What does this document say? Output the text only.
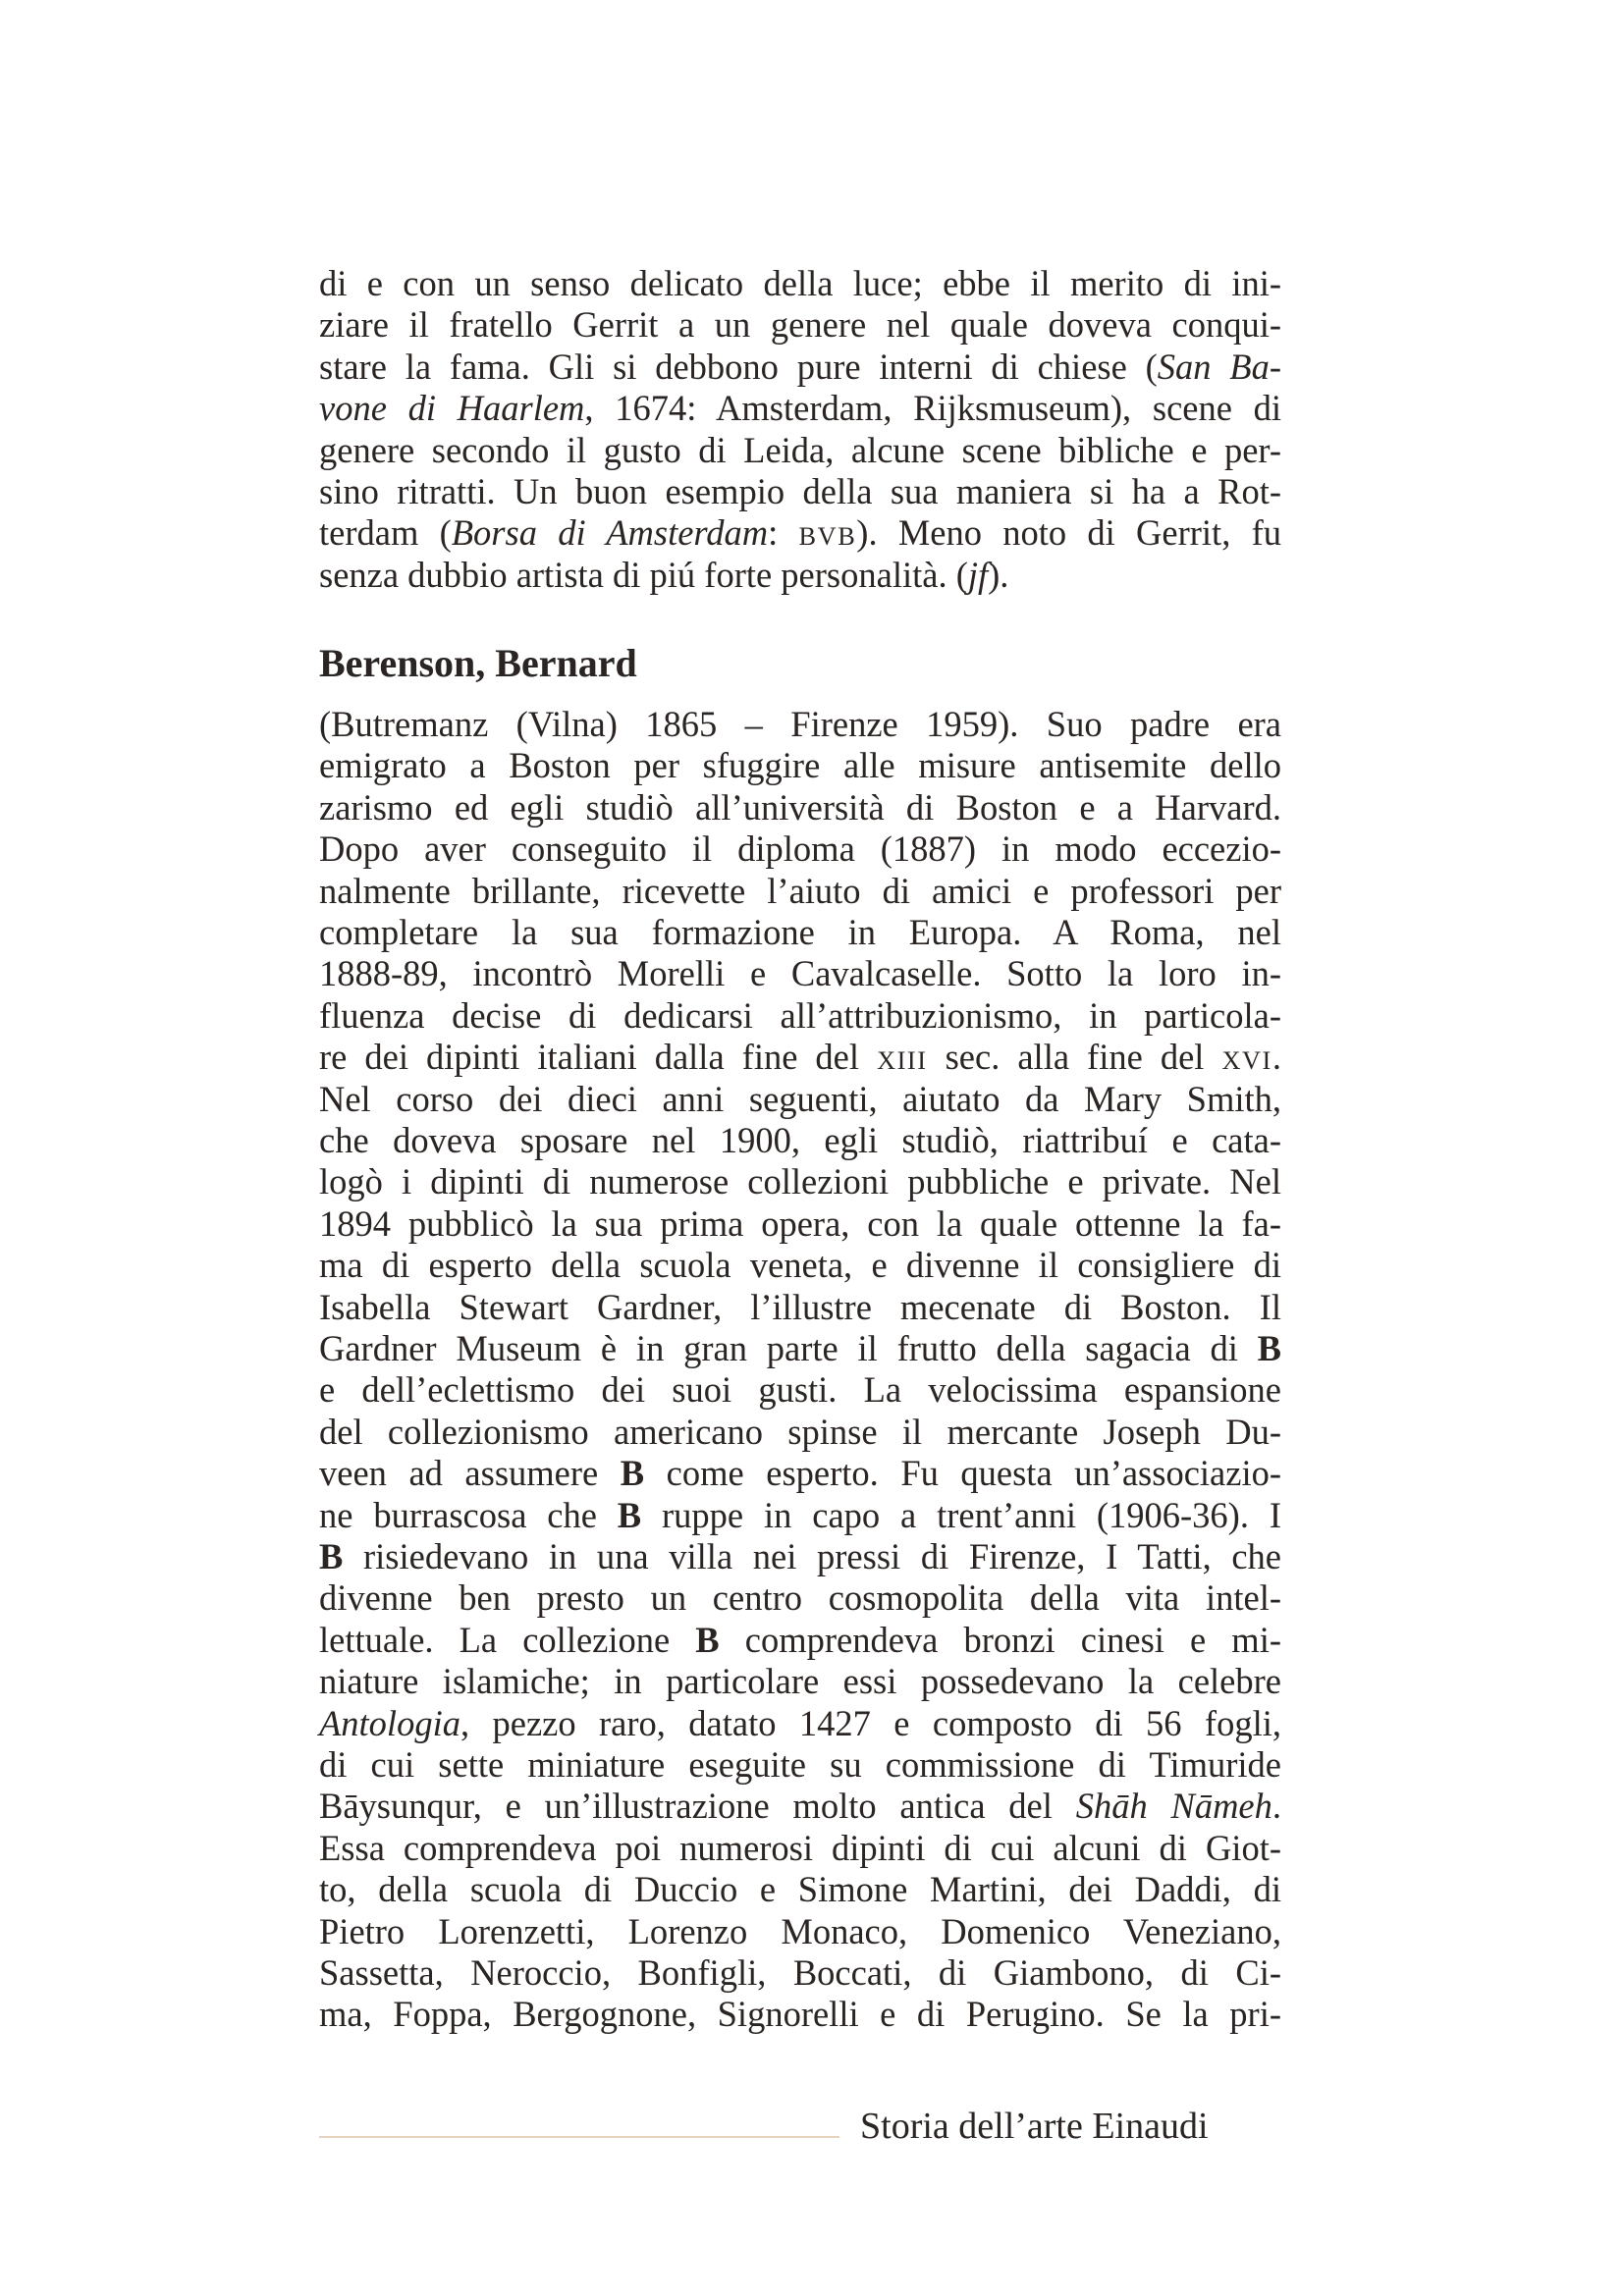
di e con un senso delicato della luce; ebbe il merito di ini-
ziare il fratello Gerrit a un genere nel quale doveva conqui-
stare la fama. Gli si debbono pure interni di chiese (San Ba-
vone di Haarlem, 1674: Amsterdam, Rijksmuseum), scene di
genere secondo il gusto di Leida, alcune scene bibliche e per-
sino ritratti. Un buon esempio della sua maniera si ha a Rot-
terdam (Borsa di Amsterdam: BVB). Meno noto di Gerrit, fu
senza dubbio artista di piú forte personalità. (jf).
Berenson, Bernard
(Butremanz (Vilna) 1865 – Firenze 1959). Suo padre era
emigrato a Boston per sfuggire alle misure antisemite dello
zarismo ed egli studiò all’università di Boston e a Harvard.
Dopo aver conseguito il diploma (1887) in modo eccezio-
nalmente brillante, ricevette l’aiuto di amici e professori per
completare la sua formazione in Europa. A Roma, nel
1888-89, incontrò Morelli e Cavalcaselle. Sotto la loro in-
fluenza decise di dedicarsi all’attribuzionismo, in particola-
re dei dipinti italiani dalla fine del XIII sec. alla fine del XVI.
Nel corso dei dieci anni seguenti, aiutato da Mary Smith,
che doveva sposare nel 1900, egli studiò, riattribuí e cata-
logò i dipinti di numerose collezioni pubbliche e private. Nel
1894 pubblicò la sua prima opera, con la quale ottenne la fa-
ma di esperto della scuola veneta, e divenne il consigliere di
Isabella Stewart Gardner, l’illustre mecenate di Boston. Il
Gardner Museum è in gran parte il frutto della sagacia di B
e dell’eclettismo dei suoi gusti. La velocissima espansione
del collezionismo americano spinse il mercante Joseph Du-
veen ad assumere B come esperto. Fu questa un’associazio-
ne burrascosa che B ruppe in capo a trent’anni (1906-36). I
B risiedevano in una villa nei pressi di Firenze, I Tatti, che
divenne ben presto un centro cosmopolita della vita intel-
lettuale. La collezione B comprendeva bronzi cinesi e mi-
niature islamiche; in particolare essi possedevano la celebre
Antologia, pezzo raro, datato 1427 e composto di 56 fogli,
di cui sette miniature eseguite su commissione di Timuride
Bāysunqur, e un’illustrazione molto antica del Shāh Nāmeh.
Essa comprendeva poi numerosi dipinti di cui alcuni di Giot-
to, della scuola di Duccio e Simone Martini, dei Daddi, di
Pietro Lorenzetti, Lorenzo Monaco, Domenico Veneziano,
Sassetta, Neroccio, Bonfigli, Boccati, di Giambono, di Ci-
ma, Foppa, Bergognone, Signorelli e di Perugino. Se la pri-
Storia dell’arte Einaudi
